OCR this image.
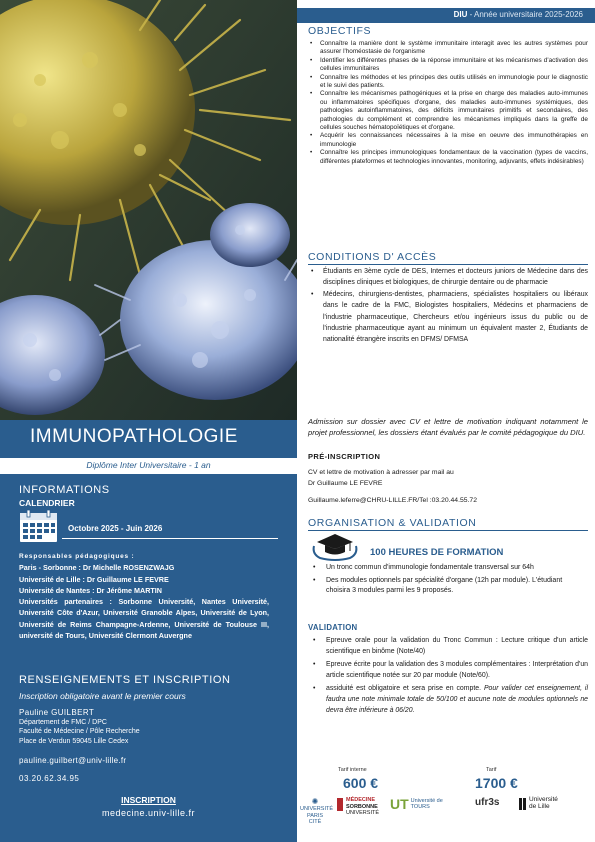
IMMUNOPATHOLOGIE
Diplôme Inter Universitaire - 1 an
INFORMATIONS
CALENDRIER
Octobre 2025 - Juin 2026
Responsables pédagogiques :
Paris - Sorbonne : Dr Michelle ROSENZWAJG
Université de Lille : Dr Guillaume LE FEVRE
Université de Nantes : Dr Jérôme MARTIN
Universités partenaires : Sorbonne Université, Nantes Université, Université Côte d'Azur, Université Granoble Alpes, Université de Lyon, Université de Reims Champagne-Ardenne, Université de Toulouse III, université de Tours, Université Clermont Auvergne
RENSEIGNEMENTS ET INSCRIPTION
Inscription obligatoire avant le premier cours
Pauline GUILBERT
Département de FMC / DPC
Faculté de Médecine / Pôle Recherche
Place de Verdun 59045 Lille Cedex
pauline.guilbert@univ-lille.fr
03.20.62.34.95
INSCRIPTION
medecine.univ-lille.fr
DIU - Année universitaire 2025-2026
OBJECTIFS
• Connaître la manière dont le système immunitaire interagit avec les autres systèmes pour assurer l'homéostasie de l'organisme
• Identifier les différentes phases de la réponse immunitaire et les mécanismes d'activation des cellules immunitaires
• Connaître les méthodes et les principes des outils utilisés en immunologie pour le diagnostic et le suivi des patients.
• Connaître les mécanismes pathogéniques et la prise en charge des maladies auto-immunes ou inflammatoires spécifiques d'organe, des maladies auto-immunes systémiques, des pathologies autoinflammatoires, des déficits immunitaires primitifs et secondaires, des pathologies du complément et comprendre les mécanismes impliqués dans la greffe de cellules souches hématopoïétiques et d'organe.
• Acquérir les connaissances nécessaires à la mise en oeuvre des immunothérapies en immunologie
• Connaître les principes immunologiques fondamentaux de la vaccination (types de vaccins, différentes plateformes et technologies innovantes, monitoring, adjuvants, effets indésirables)
CONDITIONS D' ACCÈS
• Étudiants en 3ème cycle de DES, Internes et docteurs juniors de Médecine dans des disciplines cliniques et biologiques, de chirurgie dentaire ou de pharmacie
• Médecins, chirurgiens-dentistes, pharmaciens, spécialistes hospitaliers ou libéraux dans le cadre de la FMC, Biologistes hospitaliers, Médecins et pharmaciens de l'industrie pharmaceutique, Chercheurs et/ou ingénieurs issus du public ou de l'industrie pharmaceutique ayant au minimum un équivalent master 2, Étudiants de nationalité étrangère inscrits en DFMS/ DFMSA
Admission sur dossier avec CV et lettre de motivation indiquant notamment le projet professionnel, les dossiers étant évalués par le comité pédagogique du DIU.
PRÉ-INSCRIPTION
CV et lettre de motivation à adresser par mail au
Dr Guillaume LE FEVRE
Guillaume.leferre@CHRU-LILLE.FR/Tel :03.20.44.55.72
ORGANISATION & VALIDATION
100 HEURES DE FORMATION
• Un tronc commun d'immunologie fondamentale transversal sur 64h
• Des modules optionnels par spécialité d'organe (12h par module). L'étudiant choisira 3 modules parmi les 9 proposés.
VALIDATION
• Epreuve orale pour la validation du Tronc Commun : Lecture critique d'un article scientifique en binôme (Note/40)
• Epreuve écrite pour la validation des 3 modules complémentaires : Interprétation d'un article scientifique notée sur 20 par module (Note/60).
• assiduité est obligatoire et sera prise en compte. Pour valider cet enseignement, il faudra une note minimale totale de 50/100 et aucune note de modules optionnels ne devra être inférieure à 06/20.
Tarif interne
600 €
Tarif
1700 €
✺
UNIVERSITÉ PARIS CITÉ
MÉDECINE
SORBONNE
UNIVERSITÉ
UT Université de TOURS	ufr3s	Université
de Lille
